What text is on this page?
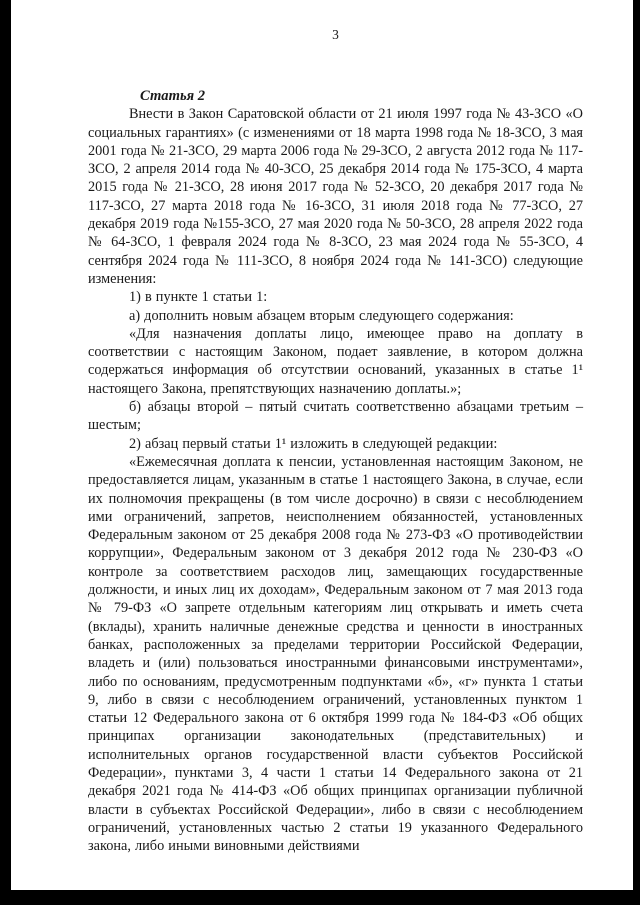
3
Статья 2

Внести в Закон Саратовской области от 21 июля 1997 года № 43-ЗСО «О социальных гарантиях» (с изменениями от 18 марта 1998 года № 18-ЗСО, 3 мая 2001 года № 21-ЗСО, 29 марта 2006 года № 29-ЗСО, 2 августа 2012 года № 117-ЗСО, 2 апреля 2014 года № 40-ЗСО, 25 декабря 2014 года № 175-ЗСО, 4 марта 2015 года № 21-ЗСО, 28 июня 2017 года № 52-ЗСО, 20 декабря 2017 года № 117-ЗСО, 27 марта 2018 года № 16-ЗСО, 31 июля 2018 года № 77-ЗСО, 27 декабря 2019 года №155-ЗСО, 27 мая 2020 года № 50-ЗСО, 28 апреля 2022 года № 64-ЗСО, 1 февраля 2024 года № 8-ЗСО, 23 мая 2024 года № 55-ЗСО, 4 сентября 2024 года № 111-ЗСО, 8 ноября 2024 года № 141-ЗСО) следующие изменения:

1) в пункте 1 статьи 1:

а) дополнить новым абзацем вторым следующего содержания:

«Для назначения доплаты лицо, имеющее право на доплату в соответствии с настоящим Законом, подает заявление, в котором должна содержаться информация об отсутствии оснований, указанных в статье 1¹ настоящего Закона, препятствующих назначению доплаты.»;

б) абзацы второй – пятый считать соответственно абзацами третьим – шестым;

2) абзац первый статьи 1¹ изложить в следующей редакции:

«Ежемесячная доплата к пенсии, установленная настоящим Законом, не предоставляется лицам, указанным в статье 1 настоящего Закона, в случае, если их полномочия прекращены (в том числе досрочно) в связи с несоблюдением ими ограничений, запретов, неисполнением обязанностей, установленных Федеральным законом от 25 декабря 2008 года № 273-ФЗ «О противодействии коррупции», Федеральным законом от 3 декабря 2012 года № 230-ФЗ «О контроле за соответствием расходов лиц, замещающих государственные должности, и иных лиц их доходам», Федеральным законом от 7 мая 2013 года № 79-ФЗ «О запрете отдельным категориям лиц открывать и иметь счета (вклады), хранить наличные денежные средства и ценности в иностранных банках, расположенных за пределами территории Российской Федерации, владеть и (или) пользоваться иностранными финансовыми инструментами», либо по основаниям, предусмотренным подпунктами «б», «г» пункта 1 статьи 9, либо в связи с несоблюдением ограничений, установленных пунктом 1 статьи 12 Федерального закона от 6 октября 1999 года № 184-ФЗ «Об общих принципах организации законодательных (представительных) и исполнительных органов государственной власти субъектов Российской Федерации», пунктами 3, 4 части 1 статьи 14 Федерального закона от 21 декабря 2021 года № 414-ФЗ «Об общих принципах организации публичной власти в субъектах Российской Федерации», либо в связи с несоблюдением ограничений, установленных частью 2 статьи 19 указанного Федерального закона, либо иными виновными действиями
